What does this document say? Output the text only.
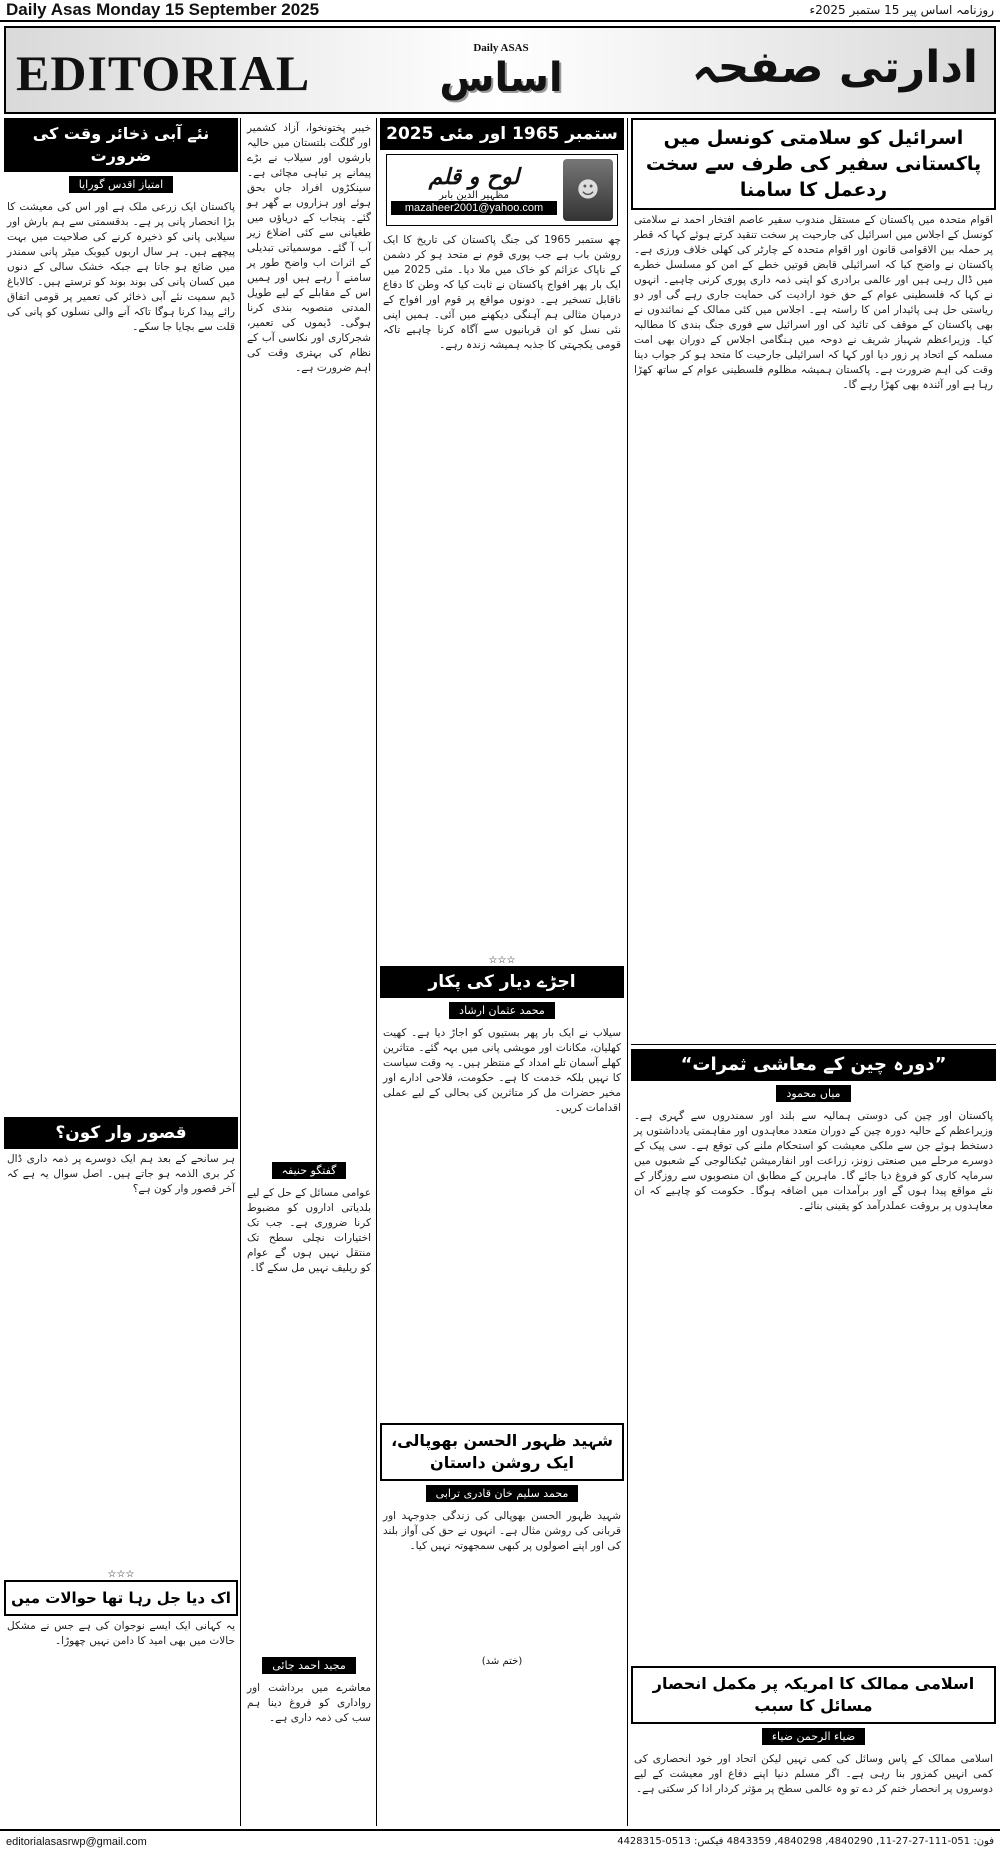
Daily Asas Monday 15 September 2025	روزنامہ اساس پیر 15 ستمبر 2025ء
EDITORIAL	Daily ASAS
اساس	ادارتی صفحہ
اسرائیل کو سلامتی کونسل میں پاکستانی سفیر کی طرف سے سخت ردعمل کا سامنا
اقوام متحدہ میں پاکستان کے مستقل مندوب سفیر عاصم افتخار احمد نے سلامتی کونسل کے اجلاس میں اسرائیل کی جارحیت پر سخت تنقید کرتے ہوئے کہا کہ قطر پر حملہ بین الاقوامی قانون اور اقوام متحدہ کے چارٹر کی کھلی خلاف ورزی ہے۔ پاکستان نے واضح کیا کہ اسرائیلی قابض قوتیں خطے کے امن کو مسلسل خطرے میں ڈال رہی ہیں اور عالمی برادری کو اپنی ذمہ داری پوری کرنی چاہیے۔ انہوں نے کہا کہ فلسطینی عوام کے حق خود ارادیت کی حمایت جاری رہے گی اور دو ریاستی حل ہی پائیدار امن کا راستہ ہے۔ اجلاس میں کئی ممالک کے نمائندوں نے بھی پاکستان کے موقف کی تائید کی اور اسرائیل سے فوری جنگ بندی کا مطالبہ کیا۔ وزیراعظم شہباز شریف نے دوحہ میں ہنگامی اجلاس کے دوران بھی امت مسلمہ کے اتحاد پر زور دیا اور کہا کہ اسرائیلی جارحیت کا متحد ہو کر جواب دینا وقت کی اہم ضرورت ہے۔ پاکستان ہمیشہ مظلوم فلسطینی عوام کے ساتھ کھڑا رہا ہے اور آئندہ بھی کھڑا رہے گا۔
”دورہ چین کے معاشی ثمرات“
میاں محمود
پاکستان اور چین کی دوستی ہمالیہ سے بلند اور سمندروں سے گہری ہے۔ وزیراعظم کے حالیہ دورہ چین کے دوران متعدد معاہدوں اور مفاہمتی یادداشتوں پر دستخط ہوئے جن سے ملکی معیشت کو استحکام ملنے کی توقع ہے۔ سی پیک کے دوسرے مرحلے میں صنعتی زونز، زراعت اور انفارمیشن ٹیکنالوجی کے شعبوں میں سرمایہ کاری کو فروغ دیا جائے گا۔ ماہرین کے مطابق ان منصوبوں سے روزگار کے نئے مواقع پیدا ہوں گے اور برآمدات میں اضافہ ہوگا۔ حکومت کو چاہیے کہ ان معاہدوں پر بروقت عملدرآمد کو یقینی بنائے۔
اسلامی ممالک کا امریکہ پر مکمل انحصار مسائل کا سبب
ضیاء الرحمن ضیاء
اسلامی ممالک کے پاس وسائل کی کمی نہیں لیکن اتحاد اور خود انحصاری کی کمی انہیں کمزور بنا رہی ہے۔ اگر مسلم دنیا اپنے دفاع اور معیشت کے لیے دوسروں پر انحصار ختم کر دے تو وہ عالمی سطح پر مؤثر کردار ادا کر سکتی ہے۔
ستمبر 1965 اور مئی 2025
☻
لوح و قلم
مظہیر الدین بابر
mazaheer2001@yahoo.com
چھ ستمبر 1965 کی جنگ پاکستان کی تاریخ کا ایک روشن باب ہے جب پوری قوم نے متحد ہو کر دشمن کے ناپاک عزائم کو خاک میں ملا دیا۔ مئی 2025 میں ایک بار پھر افواج پاکستان نے ثابت کیا کہ وطن کا دفاع ناقابل تسخیر ہے۔ دونوں مواقع پر قوم اور افواج کے درمیان مثالی ہم آہنگی دیکھنے میں آئی۔ ہمیں اپنی نئی نسل کو ان قربانیوں سے آگاہ کرنا چاہیے تاکہ قومی یکجہتی کا جذبہ ہمیشہ زندہ رہے۔
☆☆☆
اجڑے دیار کی پکار
محمد عثمان ارشاد
سیلاب نے ایک بار پھر بستیوں کو اجاڑ دیا ہے۔ کھیت کھلیان، مکانات اور مویشی پانی میں بہہ گئے۔ متاثرین کھلے آسمان تلے امداد کے منتظر ہیں۔ یہ وقت سیاست کا نہیں بلکہ خدمت کا ہے۔ حکومت، فلاحی ادارے اور مخیر حضرات مل کر متاثرین کی بحالی کے لیے عملی اقدامات کریں۔
شہید ظہور الحسن بھوپالی، ایک روشن داستان
محمد سلیم خان قادری ترابی
شہید ظہور الحسن بھوپالی کی زندگی جدوجہد اور قربانی کی روشن مثال ہے۔ انہوں نے حق کی آواز بلند کی اور اپنے اصولوں پر کبھی سمجھوتہ نہیں کیا۔
(ختم شد)
خیبر پختونخوا، آزاد کشمیر اور گلگت بلتستان میں حالیہ بارشوں اور سیلاب نے بڑے پیمانے پر تباہی مچائی ہے۔ سینکڑوں افراد جاں بحق ہوئے اور ہزاروں بے گھر ہو گئے۔ پنجاب کے دریاؤں میں طغیانی سے کئی اضلاع زیر آب آ گئے۔ موسمیاتی تبدیلی کے اثرات اب واضح طور پر سامنے آ رہے ہیں اور ہمیں اس کے مقابلے کے لیے طویل المدتی منصوبہ بندی کرنا ہوگی۔ ڈیموں کی تعمیر، شجرکاری اور نکاسی آب کے نظام کی بہتری وقت کی اہم ضرورت ہے۔
گفتگو حنیفہ
عوامی مسائل کے حل کے لیے بلدیاتی اداروں کو مضبوط کرنا ضروری ہے۔ جب تک اختیارات نچلی سطح تک منتقل نہیں ہوں گے عوام کو ریلیف نہیں مل سکے گا۔
مجید احمد جائی
معاشرے میں برداشت اور رواداری کو فروغ دینا ہم سب کی ذمہ داری ہے۔
نئے آبی ذخائر وقت کی ضرورت
امتیاز اقدس گورایا
پاکستان ایک زرعی ملک ہے اور اس کی معیشت کا بڑا انحصار پانی پر ہے۔ بدقسمتی سے ہم بارش اور سیلابی پانی کو ذخیرہ کرنے کی صلاحیت میں بہت پیچھے ہیں۔ ہر سال اربوں کیوبک میٹر پانی سمندر میں ضائع ہو جاتا ہے جبکہ خشک سالی کے دنوں میں کسان پانی کی بوند بوند کو ترستے ہیں۔ کالاباغ ڈیم سمیت نئے آبی ذخائر کی تعمیر پر قومی اتفاق رائے پیدا کرنا ہوگا تاکہ آنے والی نسلوں کو پانی کی قلت سے بچایا جا سکے۔
قصور وار کون؟
ہر سانحے کے بعد ہم ایک دوسرے پر ذمہ داری ڈال کر بری الذمہ ہو جاتے ہیں۔ اصل سوال یہ ہے کہ آخر قصور وار کون ہے؟
☆☆☆
اک دیا جل رہا تھا حوالات میں
یہ کہانی ایک ایسے نوجوان کی ہے جس نے مشکل حالات میں بھی امید کا دامن نہیں چھوڑا۔
editorialasasrwp@gmail.com	فون: 051-111-27-27-11, 4840290, 4840298, 4843359 فیکس: 0513-4428315
